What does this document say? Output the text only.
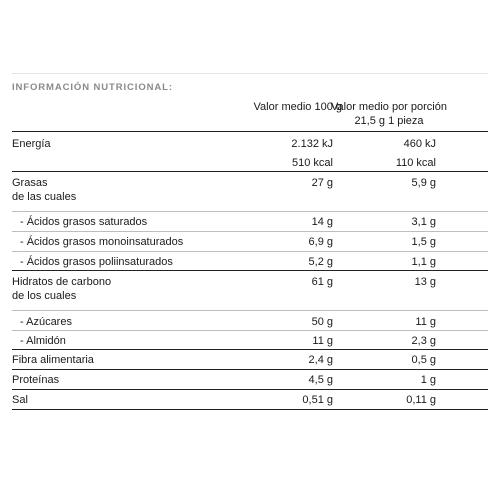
INFORMACIÓN NUTRICIONAL:
Valor medio 100 g
Valor medio por porción
21,5 g 1 pieza
Energía	2.132 kJ	460 kJ
510 kcal	110 kcal
Grasas
de las cuales
27 g	5,9 g
- Ácidos grasos saturados	14 g	3,1 g
- Ácidos grasos monoinsaturados	6,9 g	1,5 g
- Ácidos grasos poliinsaturados	5,2 g	1,1 g
Hidratos de carbono
de los cuales
61 g	13 g
- Azúcares	50 g	11 g
- Almidón	11 g	2,3 g
Fibra alimentaria	2,4 g	0,5 g
Proteínas	4,5 g	1 g
Sal	0,51 g	0,11 g
